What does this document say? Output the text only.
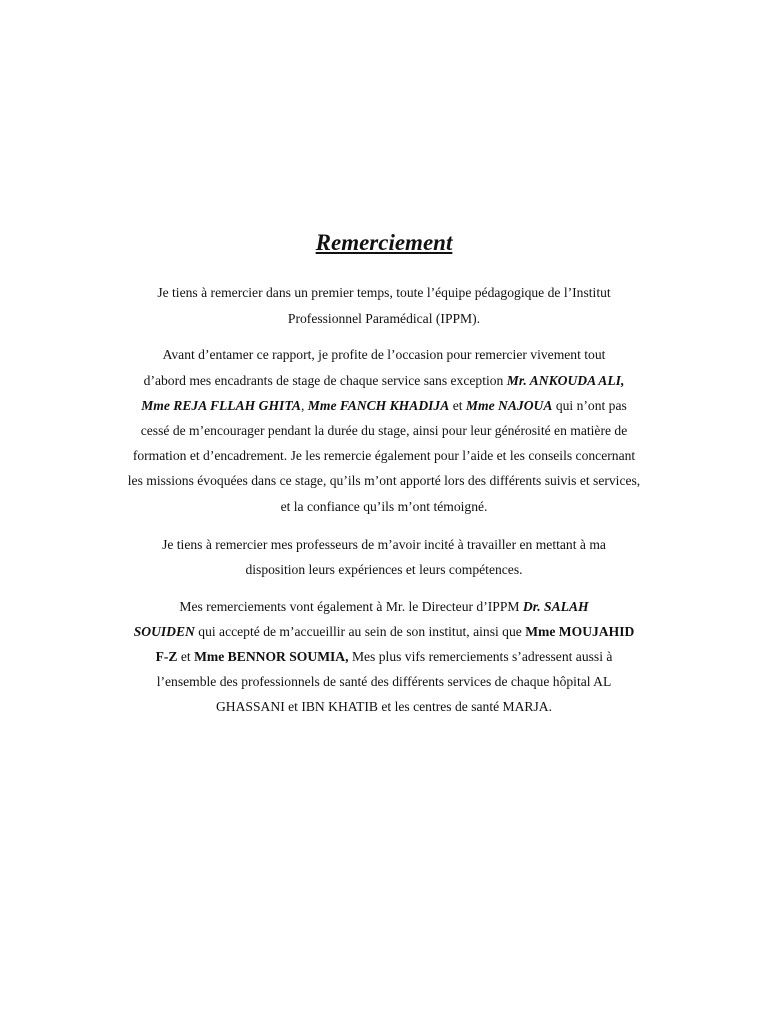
Remerciement

Je tiens à remercier dans un premier temps, toute l’équipe pédagogique de l’Institut

Professionnel Paramédical (IPPM).

Avant d’entamer ce rapport, je profite de l’occasion pour remercier vivement tout

d’abord mes encadrants de stage de chaque service sans exception Mr. ANKOUDA ALI,

Mme REJA FLLAH GHITA, Mme FANCH KHADIJA et Mme NAJOUA qui n’ont pas

cessé de m’encourager pendant la durée du stage, ainsi pour leur générosité en matière de

formation et d’encadrement. Je les remercie également pour l’aide et les conseils concernant

les missions évoquées dans ce stage, qu’ils m’ont apporté lors des différents suivis et services,

et la confiance qu’ils m’ont témoigné.

Je tiens à remercier mes professeurs de m’avoir incité à travailler en mettant à ma

disposition leurs expériences et leurs compétences.

Mes remerciements vont également à Mr. le Directeur d’IPPM Dr. SALAH

SOUIDEN qui accepté de m’accueillir au sein de son institut, ainsi que Mme MOUJAHID

F-Z et Mme BENNOR SOUMIA, Mes plus vifs remerciements s’adressent aussi à

l’ensemble des professionnels de santé des différents services de chaque hôpital AL

GHASSANI et IBN KHATIB et les centres de santé MARJA.
